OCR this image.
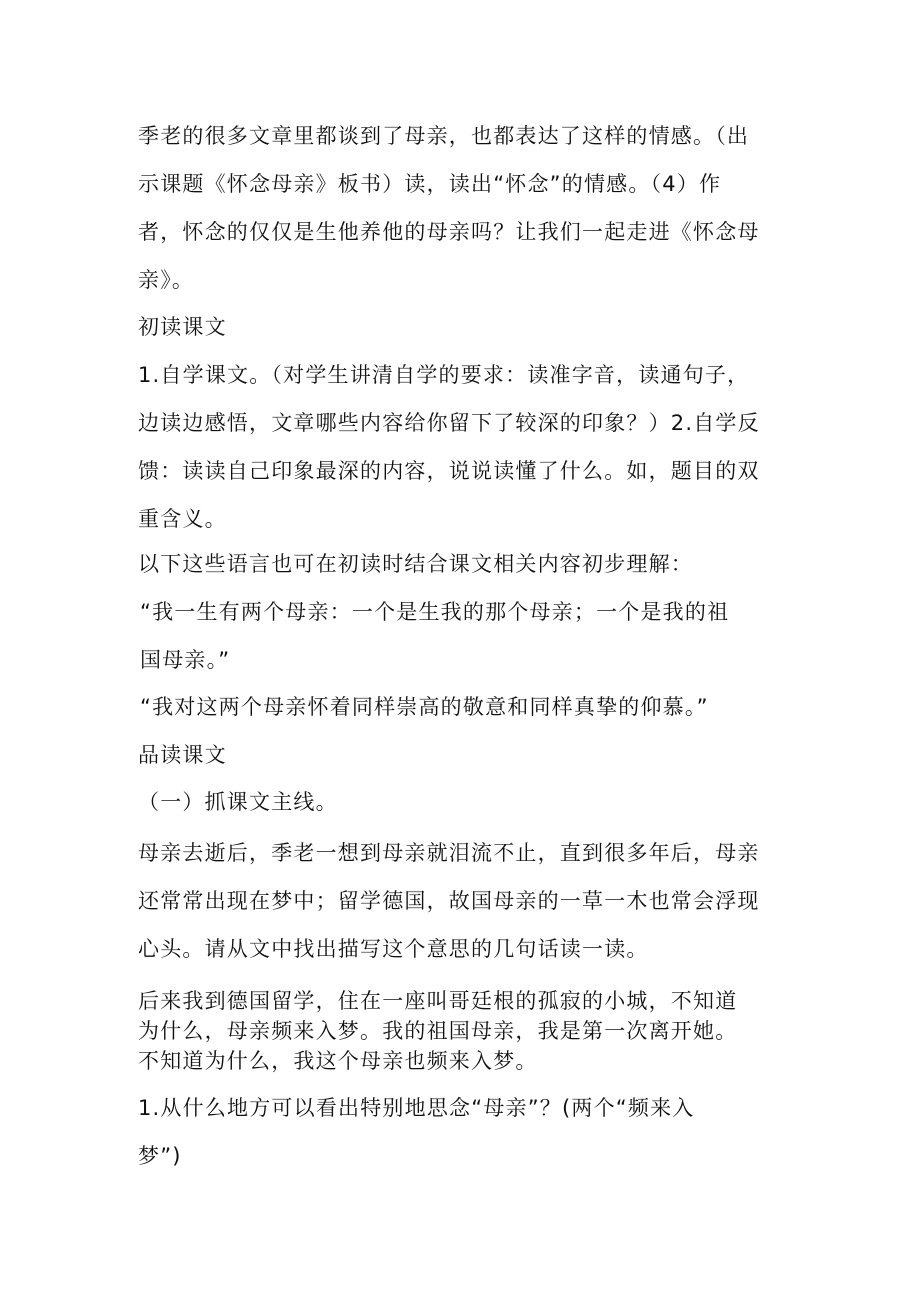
季老的很多文章里都谈到了母亲，也都表达了这样的情感。（出
示课题《怀念母亲》板书）读，读出“怀念”的情感。（4）作
者，怀念的仅仅是生他养他的母亲吗？让我们一起走进《怀念母
亲》。
初读课文
1.自学课文。（对学生讲清自学的要求：读准字音，读通句子，
边读边感悟，文章哪些内容给你留下了较深的印象？）2.自学反
馈：读读自己印象最深的内容，说说读懂了什么。如，题目的双
重含义。
以下这些语言也可在初读时结合课文相关内容初步理解：
“我一生有两个母亲：一个是生我的那个母亲；一个是我的祖
国母亲。”
“我对这两个母亲怀着同样崇高的敬意和同样真挚的仰慕。”
品读课文
（一）抓课文主线。
母亲去逝后，季老一想到母亲就泪流不止，直到很多年后，母亲
还常常出现在梦中；留学德国，故国母亲的一草一木也常会浮现
心头。请从文中找出描写这个意思的几句话读一读。
后来我到德国留学，住在一座叫哥廷根的孤寂的小城，不知道
为什么，母亲频来入梦。我的祖国母亲，我是第一次离开她。
不知道为什么，我这个母亲也频来入梦。
1.从什么地方可以看出特别地思念“母亲”？(两个“频来入
梦”)
